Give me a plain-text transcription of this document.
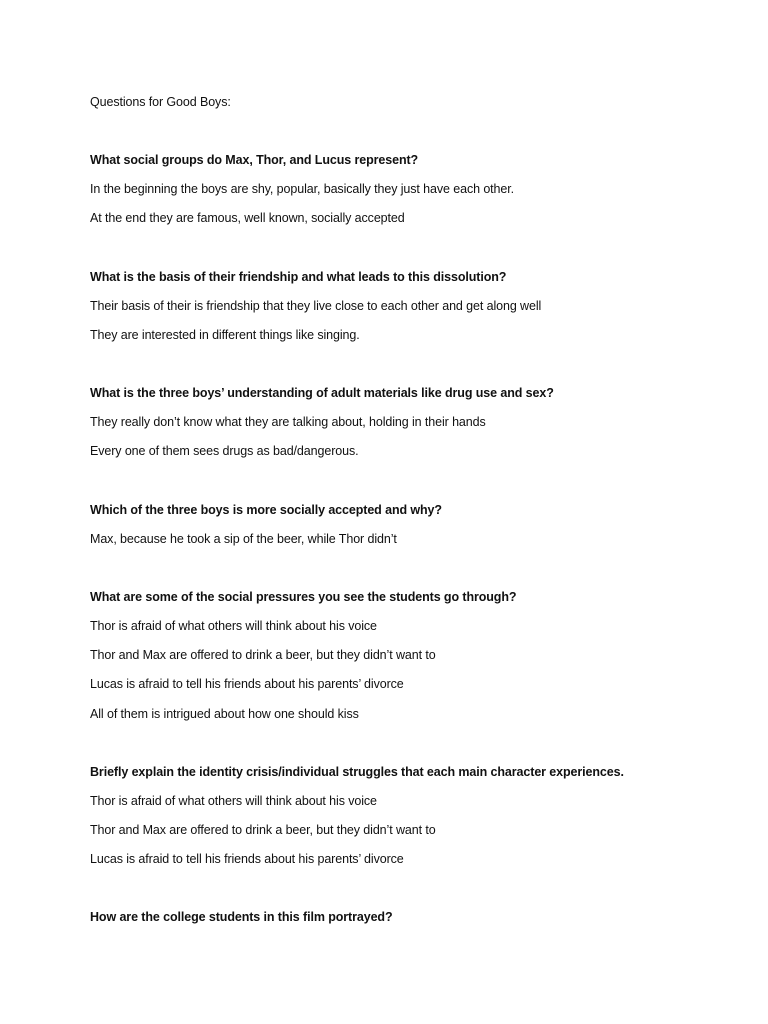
Questions for Good Boys:
What social groups do Max, Thor, and Lucus represent?
In the beginning the boys are shy, popular, basically they just have each other.
At the end they are famous, well known, socially accepted
What is the basis of their friendship and what leads to this dissolution?
Their basis of their is friendship that they live close to each other and get along well
They are interested in different things like singing.
What is the three boys’ understanding of adult materials like drug use and sex?
They really don’t know what they are talking about, holding in their hands
Every one of them sees drugs as bad/dangerous.
Which of the three boys is more socially accepted and why?
Max, because he took a sip of the beer, while Thor didn’t
What are some of the social pressures you see the students go through?
Thor is afraid of what others will think about his voice
Thor and Max are offered to drink a beer, but they didn’t want to
Lucas is afraid to tell his friends about his parents’ divorce
All of them is intrigued about how one should kiss
Briefly explain the identity crisis/individual struggles that each main character experiences.
Thor is afraid of what others will think about his voice
Thor and Max are offered to drink a beer, but they didn’t want to
Lucas is afraid to tell his friends about his parents’ divorce
How are the college students in this film portrayed?
